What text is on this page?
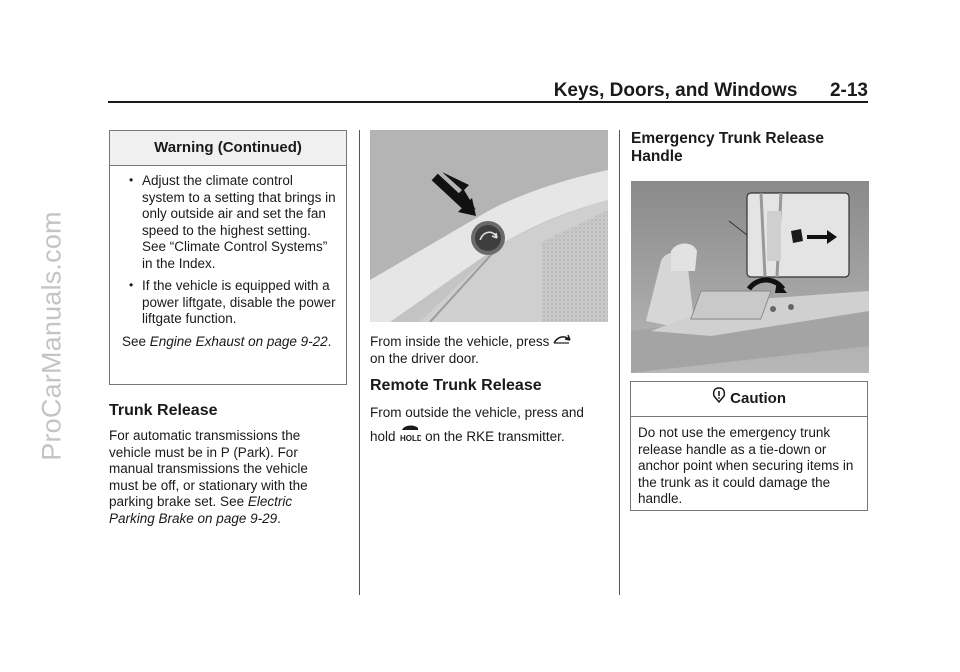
ProCarManuals.com
Keys, Doors, and Windows 2-13
Warning (Continued)
• Adjust the climate control system to a setting that brings in only outside air and set the fan speed to the highest setting. See “Climate Control Systems” in the Index.
• If the vehicle is equipped with a power liftgate, disable the power liftgate function.
See Engine Exhaust on page 9-22.
Trunk Release
For automatic transmissions the vehicle must be in P (Park). For manual transmissions the vehicle must be off, or stationary with the parking brake set. See Electric Parking Brake on page 9-29.
From inside the vehicle, press
on the driver door.
Remote Trunk Release
From outside the vehicle, press and hold HOLD on the RKE transmitter.
Emergency Trunk Release Handle
Caution
Do not use the emergency trunk release handle as a tie-down or anchor point when securing items in the trunk as it could damage the handle.
